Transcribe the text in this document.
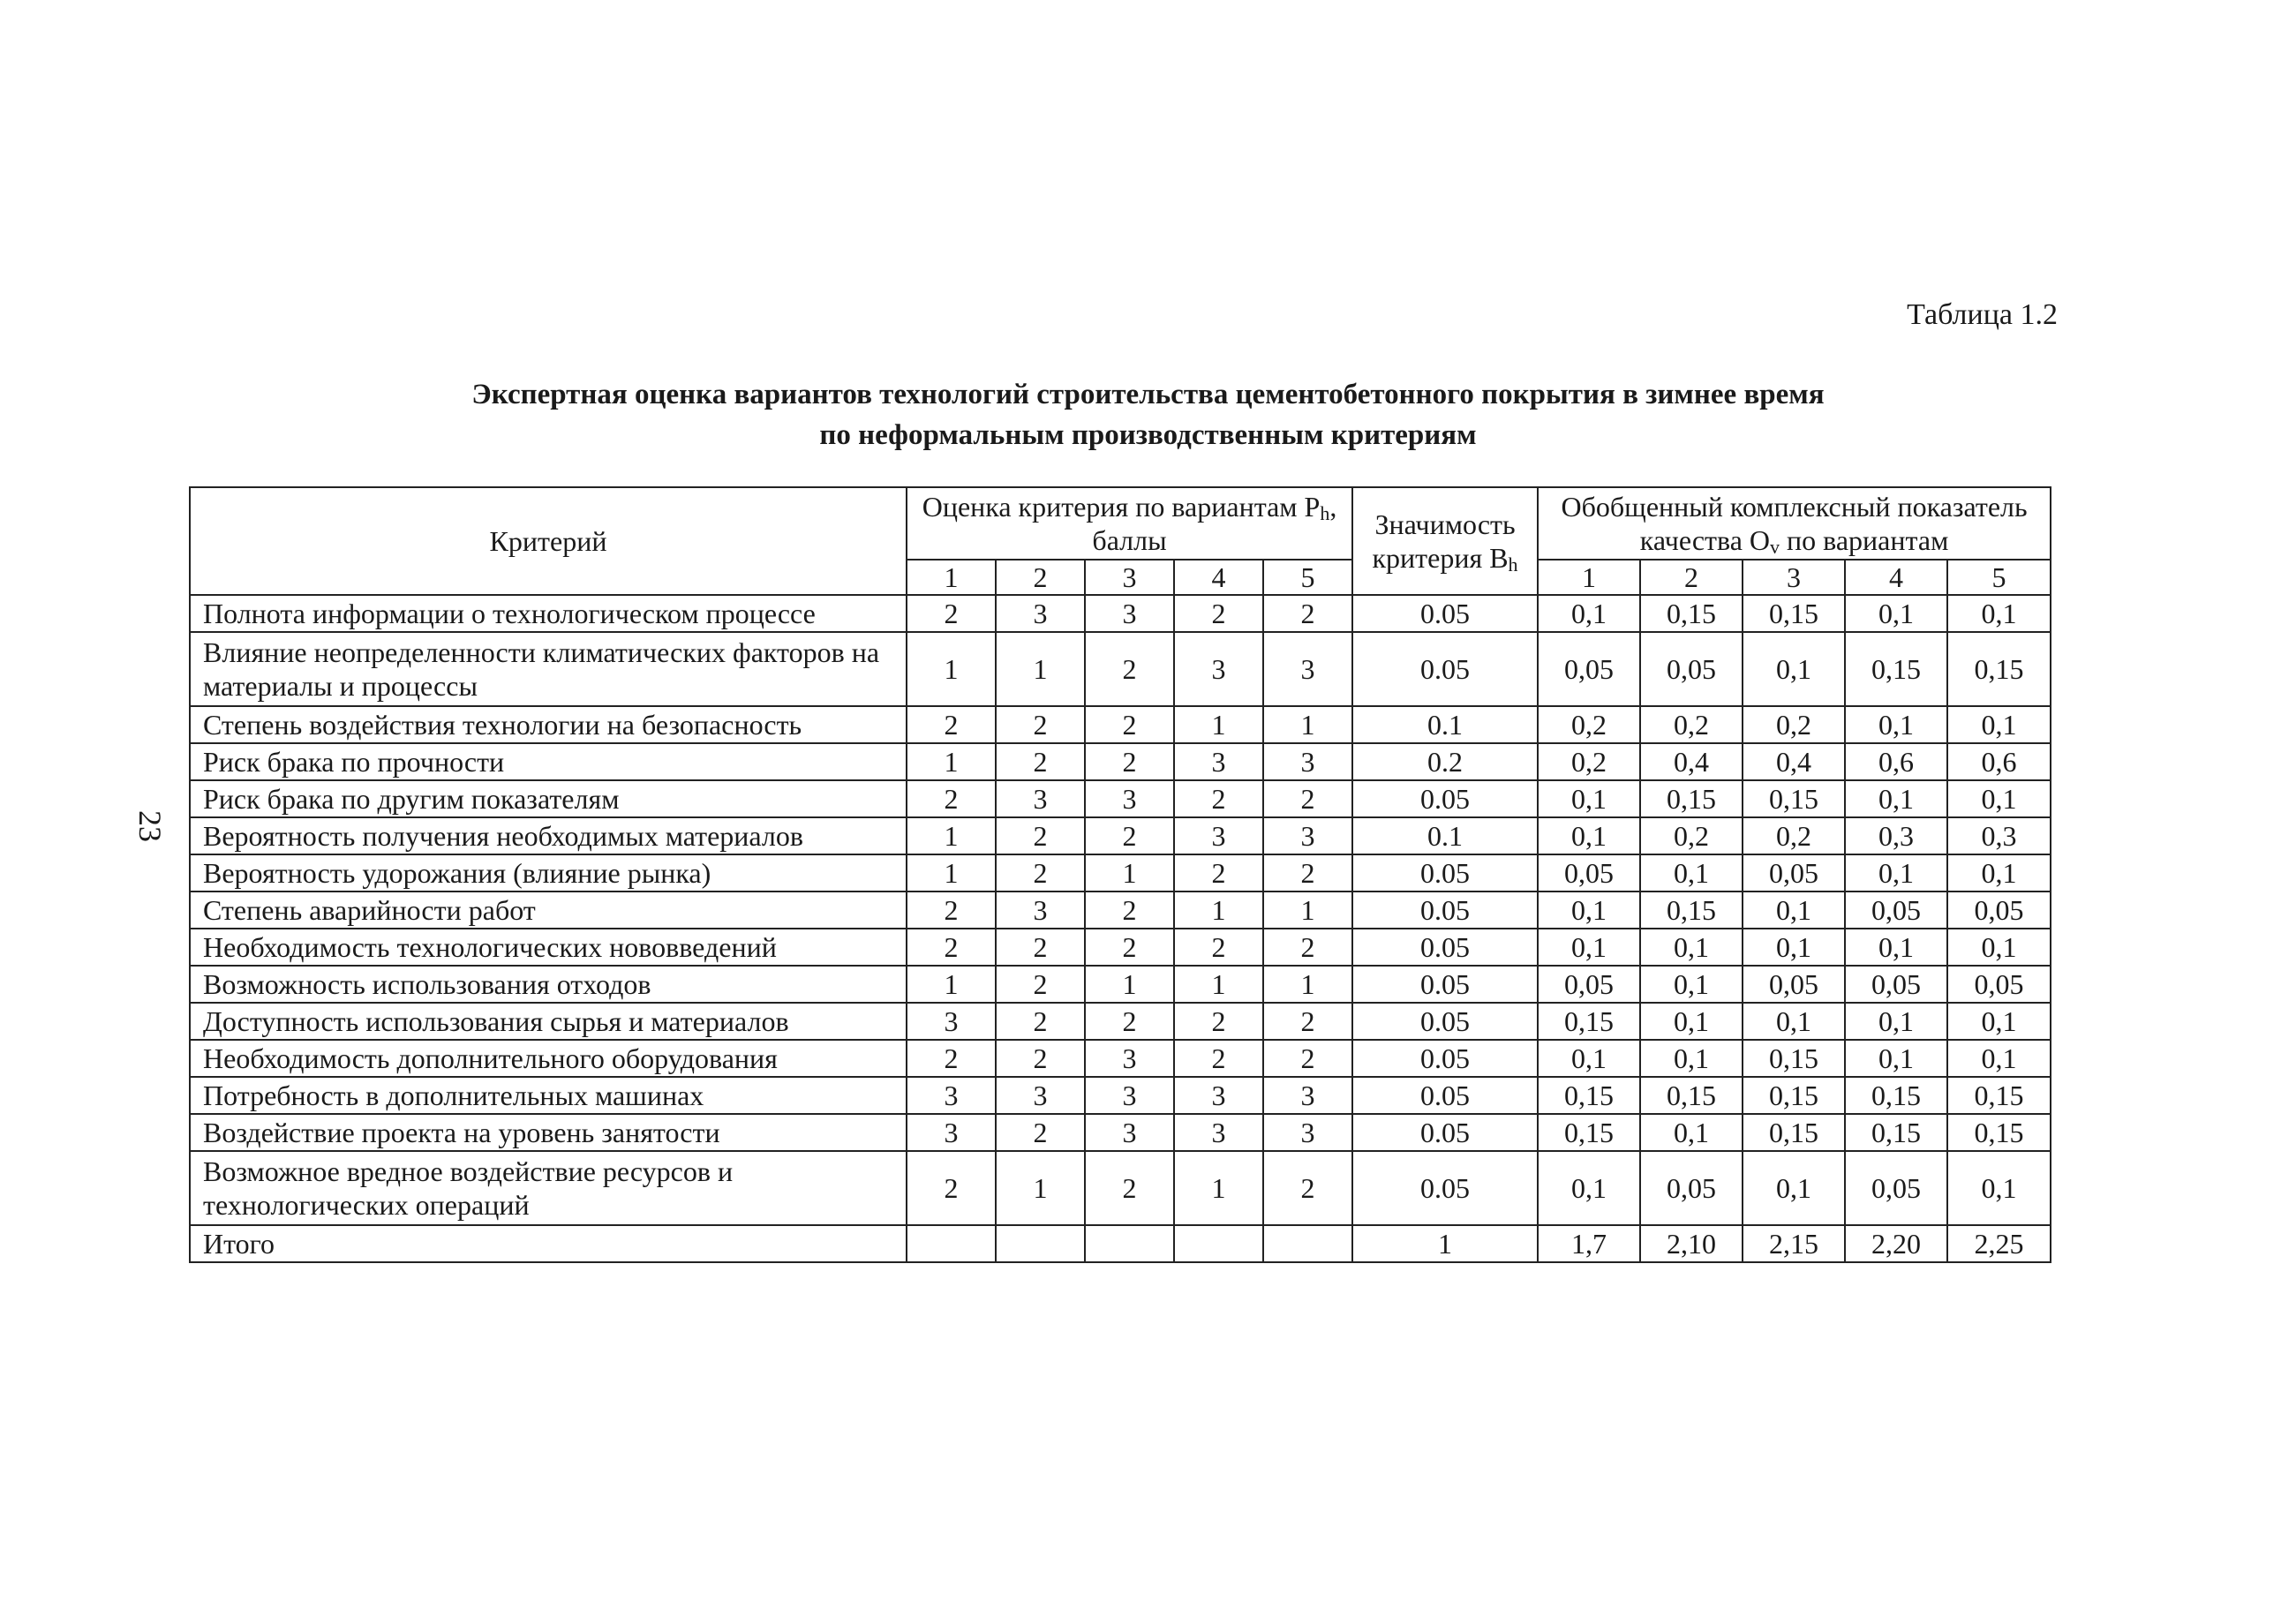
Таблица 1.2
Экспертная оценка вариантов технологий строительства цементобетонного покрытия в зимнее время
по неформальным производственным критериям
23
Критерий	Оценка критерия по вариантам $P_h$, баллы					Значимость критерия $B_h$	Обобщенный комплексный показатель качества $O_v$ по вариантам				
	1	2	3	4	5		1	2	3	4	5
Полнота информации о технологическом процессе	2	3	3	2	2	0.05	0,1	0,15	0,15	0,1	0,1
Влияние неопределенности климатических факторов на материалы и процессы	1	1	2	3	3	0.05	0,05	0,05	0,1	0,15	0,15
Степень воздействия технологии на безопасность	2	2	2	1	1	0.1	0,2	0,2	0,2	0,1	0,1
Риск брака по прочности	1	2	2	3	3	0.2	0,2	0,4	0,4	0,6	0,6
Риск брака по другим показателям	2	3	3	2	2	0.05	0,1	0,15	0,15	0,1	0,1
Вероятность получения необходимых материалов	1	2	2	3	3	0.1	0,1	0,2	0,2	0,3	0,3
Вероятность удорожания (влияние рынка)	1	2	1	2	2	0.05	0,05	0,1	0,05	0,1	0,1
Степень аварийности работ	2	3	2	1	1	0.05	0,1	0,15	0,1	0,05	0,05
Необходимость технологических нововведений	2	2	2	2	2	0.05	0,1	0,1	0,1	0,1	0,1
Возможность использования отходов	1	2	1	1	1	0.05	0,05	0,1	0,05	0,05	0,05
Доступность использования сырья и материалов	3	2	2	2	2	0.05	0,15	0,1	0,1	0,1	0,1
Необходимость дополнительного оборудования	2	2	3	2	2	0.05	0,1	0,1	0,15	0,1	0,1
Потребность в дополнительных машинах	3	3	3	3	3	0.05	0,15	0,15	0,15	0,15	0,15
Воздействие проекта на уровень занятости	3	2	3	3	3	0.05	0,15	0,1	0,15	0,15	0,15
Возможное вредное воздействие ресурсов и технологических операций	2	1	2	1	2	0.05	0,1	0,05	0,1	0,05	0,1
Итого						1	1,7	2,10	2,15	2,20	2,25
